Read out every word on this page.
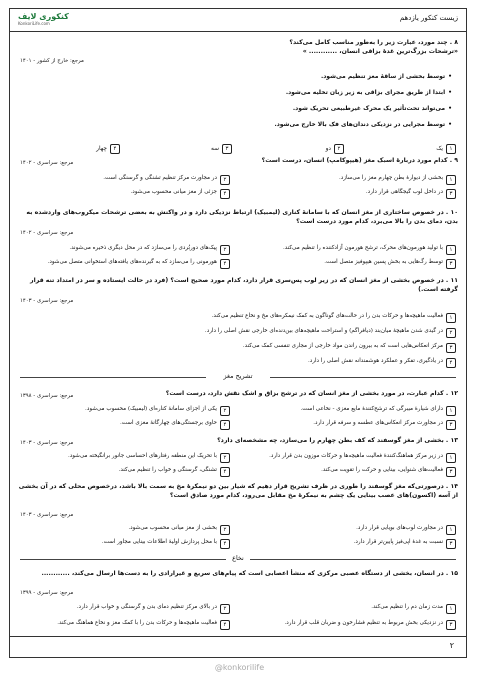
زیست کنکور یازدهم
کنکوری لایف
KonkoriLife.com
۸ . چند مورد، عبارت زیر را به‌طور مناسب کامل می‌کند؟
«ترشحات بزرگ‌ترین غدهٔ بزاقی انسان، ............ »
مرجع: خارج از کشور - ۱۴۰۱
• توسط بخشی از ساقهٔ مغز تنظیم می‌شود.
• ابتدا از طریق مجرای بزاقی به زیر زبان تخلیه می‌شود.
• می‌تواند تحت‌تأثیر یک محرک غیرطبیعی تحریک شود.
• توسط مجرایی در نزدیکی دندان‌های فک بالا خارج می‌شود.
۱
یک
۲
دو
۳
سه
۴
چهار
۹ . کدام مورد دربارهٔ اسبک مغز (هیپوکامپ) انسان، درست است؟
مرجع: سراسری - ۱۴۰۲
۱
بخشی از دیوارهٔ بطن چهارم مغز را می‌سازد.
۲
در مجاورت مرکز تنظیم تشنگی و گرسنگی است.
۳
در داخل لوب گیجگاهی قرار دارد.
۴
جزئی از مغز میانی محسوب می‌شود.
۱۰ . در خصوص ساختاری از مغز انسان که با سامانهٔ کناری (لیمبیک) ارتباط نزدیکی دارد و در واکنش به بعضی ترشحات میکروب‌های وارد‌شده به بدن، دمای بدن را بالا می‌برد، کدام مورد درست است؟
مرجع: سراسری - ۱۴۰۲
۱
با تولید هورمون‌های محرک، ترشح هورمون آزادکننده را تنظیم می‌کند.
۲
پیک‌های دوربُردی را می‌سازد که در محل دیگری ذخیره می‌شوند.
۳
توسط رگ‌هایی به بخش پسین هیپوفیز متصل است.
۴
هورمونی را می‌سازد که به گیرنده‌های یافته‌های استخوانی متصل می‌شود.
۱۱ . در خصوص بخشی از مغز انسان که در زیر لوب پس‌سری قرار دارد، کدام مورد صحیح است؟ (فرد در حالت ایستاده و سر در امتداد تنه قرار گرفته است.)
مرجع: سراسری - ۱۴۰۳
۱
فعالیت ماهیچه‌ها و حرکات بدن را در حالت‌های گوناگون به کمک نیمکره‌های مخ و نخاع تنظیم می‌کند.
۲
در گیدی شدن ماهیچهٔ میان‌بند (دیافراگم) و استراحت ماهیچه‌های بین‌دنده‌ای خارجی نقش اصلی را دارد.
۳
مرکز انعکاس‌هایی است که به بیرون راندن مواد خارجی از مجاری تنفسی کمک می‌کند.
۴
در یادگیری، تفکر و عملکرد هوشمندانه نقش اصلی را دارد.
تشریح مغز
۱۲ . کدام عبارت، در مورد بخشی از مغز انسان که در ترشح بزاق و اشک نقش دارد، درست است؟
مرجع: سراسری - ۱۳۹۸
۱
دارای شیارهٔ میبرگی که ترشح‌کنندهٔ مایع مغزی - نخاعی است.
۲
یکی از اجزای سامانهٔ کناره‌ای (لیمبیک) محسوب می‌شود.
۳
در مجاورت مرکز انعکاس‌های عطسه و سرفه قرار دارد.
۴
حاوی برجستگی‌های چهارگانهٔ مغزی است.
۱۳ . بخشی از مغز گوسفند که کف بطن چهارم را می‌سازد، چه مشخصه‌ای دارد؟
مرجع: سراسری - ۱۴۰۳
۱
در زیر مرکز هماهنگ‌کنندهٔ فعالیت ماهیچه‌ها و حرکات موزون بدن قرار دارد.
۲
با تحریک این منطقه رفتارهای احساسی جانور برانگیخته می‌شود.
۳
فعالیت‌های شنوایی، بینایی و حرکت را تقویت می‌کند.
۴
تشنگی، گرسنگی و خواب را تنظیم می‌کند.
۱۴ . درصورتی‌که مغز گوسفند را طوری در ظرف تشریح قرار دهیم که شیار بین دو نیمکرهٔ مخ به سمت بالا باشد، درخصوص محلی که در آن بخشی از آسه (اکسون)های عصب بینایی یک چشم به نیمکرهٔ مخ مقابل می‌رود، کدام مورد صادق است؟
مرجع: سراسری - ۱۴۰۳
۱
در مجاورت لوب‌های بویایی قرار دارد.
۲
بخشی از مغز میانی محسوب می‌شود.
۳
نسبت به غدهٔ اپی‌فیز پایین‌تر قرار دارد.
۴
با محل پردازش اولیهٔ اطلاعات بینایی مجاور است.
نخاع
۱۵ . در انسان، بخشی از دستگاه عصبی مرکزی که منشأ اعصابی است که پیام‌های سریع و غیرارادی را به دست‌ها ارسال می‌کند، ............
مرجع: سراسری - ۱۳۹۹
۱
مدت زمان دم را تنظیم می‌کند.
۲
در بالای مرکز تنظیم دمای بدن و گرسنگی و خواب قرار دارد.
۳
در نزدیکی بخش مربوط به تنظیم فشارخون و ضربان قلب قرار دارد.
۴
فعالیت ماهیچه‌ها و حرکات بدن را با کمک مغز و نخاع هماهنگ می‌کند.
۲
@konkorilife
